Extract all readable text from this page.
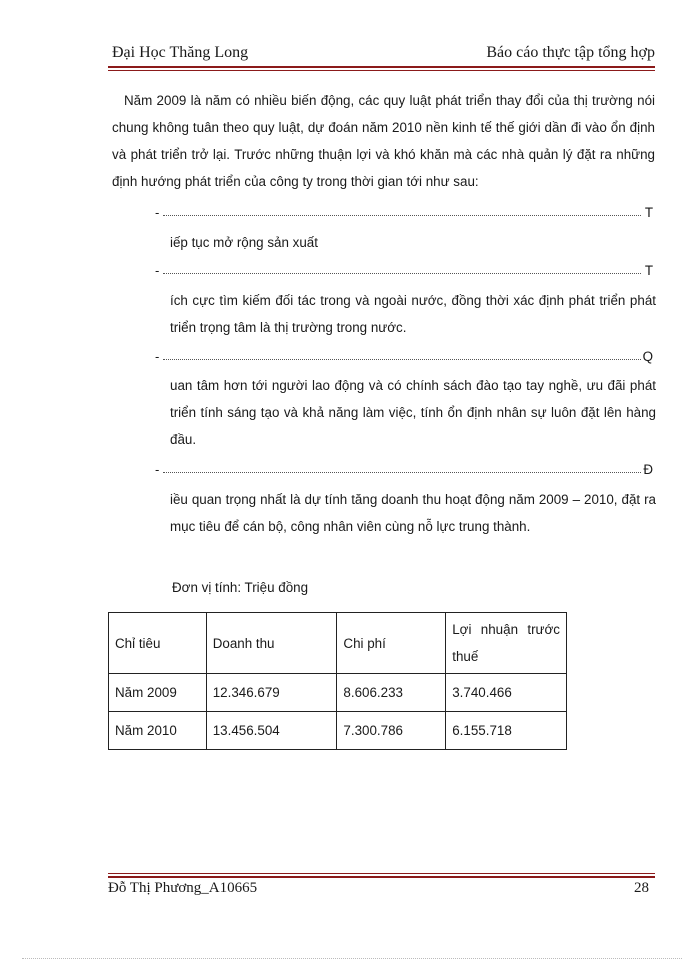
Đại Học Thăng Long	Báo cáo thực tập tổng hợp

Năm 2009 là năm có nhiều biến động, các quy luật phát triển thay đổi của thị trường nói chung không tuân theo quy luật, dự đoán năm 2010 nền kinh tế thế giới dần đi vào ổn định và phát triển trở lại. Trước những thuận lợi và khó khăn mà các nhà quản lý đặt ra những định hướng phát triển của công ty trong thời gian tới như sau:

-	T

iếp tục mở rộng sản xuất

-	T

ích cực tìm kiếm đối tác trong và ngoài nước, đồng thời xác định phát triển phát triển trọng tâm là thị trường trong nước.

-	Q

uan tâm hơn tới người lao động và có chính sách đào tạo tay nghề, ưu đãi phát triển tính sáng tạo và khả năng làm việc, tính ổn định nhân sự luôn đặt lên hàng đầu.

-	Đ

iều quan trọng nhất là dự tính tăng doanh thu hoạt động năm 2009 – 2010, đặt ra mục tiêu để cán bộ, công nhân viên cùng nỗ lực trung thành.

Đơn vị tính: Triệu đồng
Chỉ tiêu	Doanh thu	Chi phí	Lợi nhuận trước thuế
Năm 2009	12.346.679	8.606.233	3.740.466
Năm 2010	13.456.504	7.300.786	6.155.718
Đỗ Thị Phương_A10665	28
